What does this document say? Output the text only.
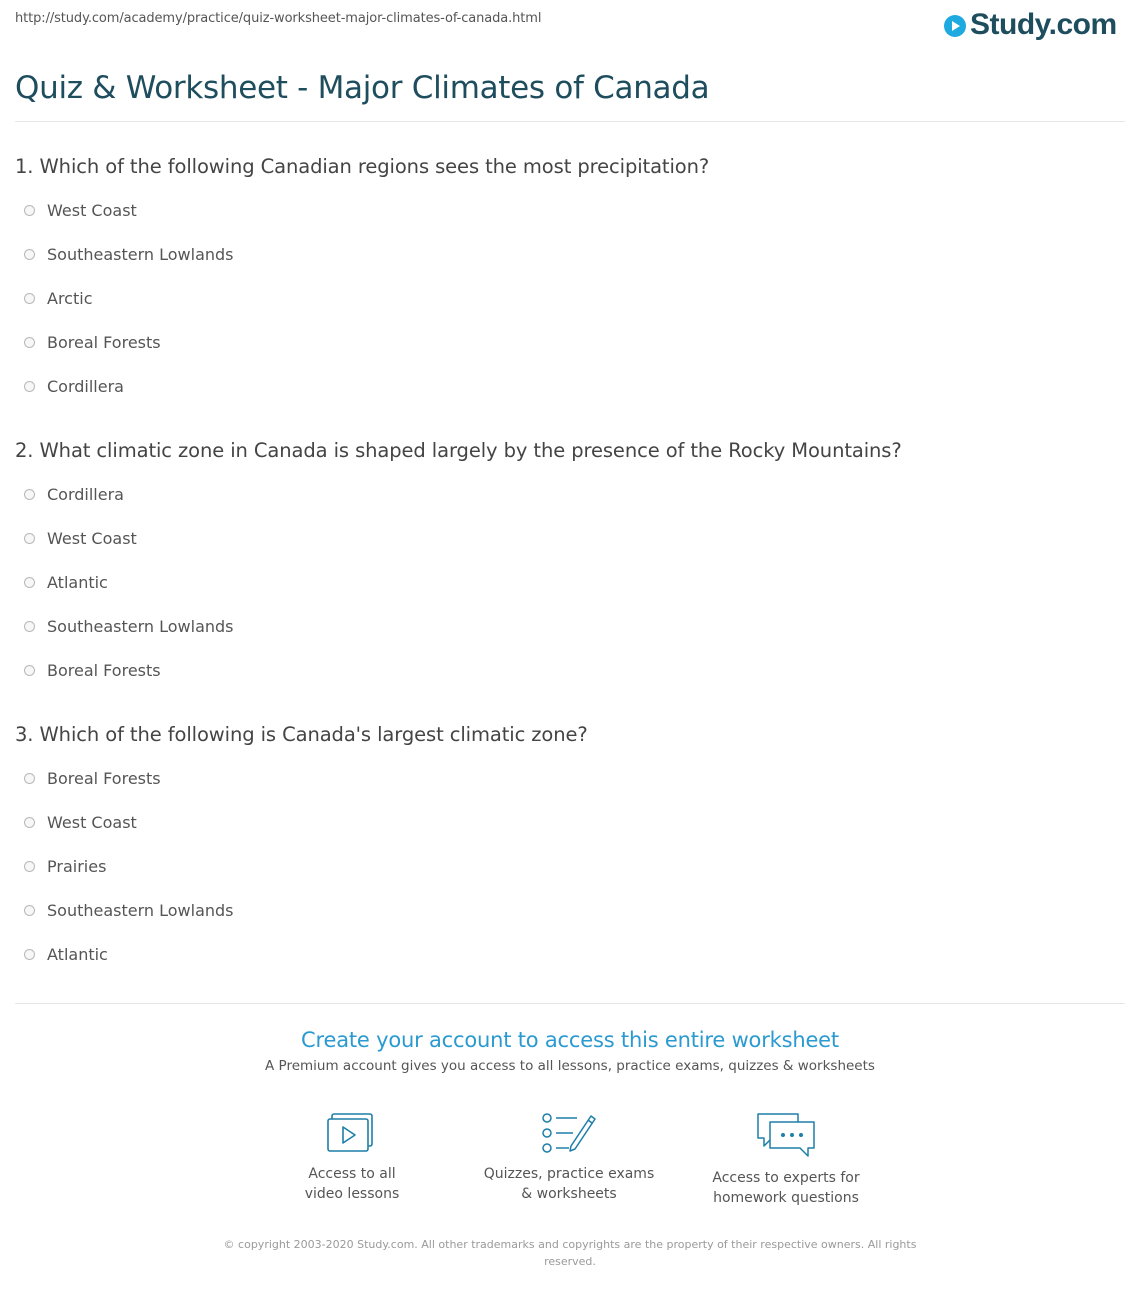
http://study.com/academy/practice/quiz-worksheet-major-climates-of-canada.html	Study.com
Quiz & Worksheet - Major Climates of Canada

1. Which of the following Canadian regions sees the most precipitation?

West Coast
Southeastern Lowlands
Arctic
Boreal Forests
Cordillera

2. What climatic zone in Canada is shaped largely by the presence of the Rocky Mountains?

Cordillera
West Coast
Atlantic
Southeastern Lowlands
Boreal Forests

3. Which of the following is Canada's largest climatic zone?

Boreal Forests
West Coast
Prairies
Southeastern Lowlands
Atlantic

Create your account to access this entire worksheet

A Premium account gives you access to all lessons, practice exams, quizzes & worksheets

Access to all
video lessons
Quizzes, practice exams
& worksheets
Access to experts for
homework questions
© copyright 2003-2020 Study.com. All other trademarks and copyrights are the property of their respective owners. All rights reserved.
